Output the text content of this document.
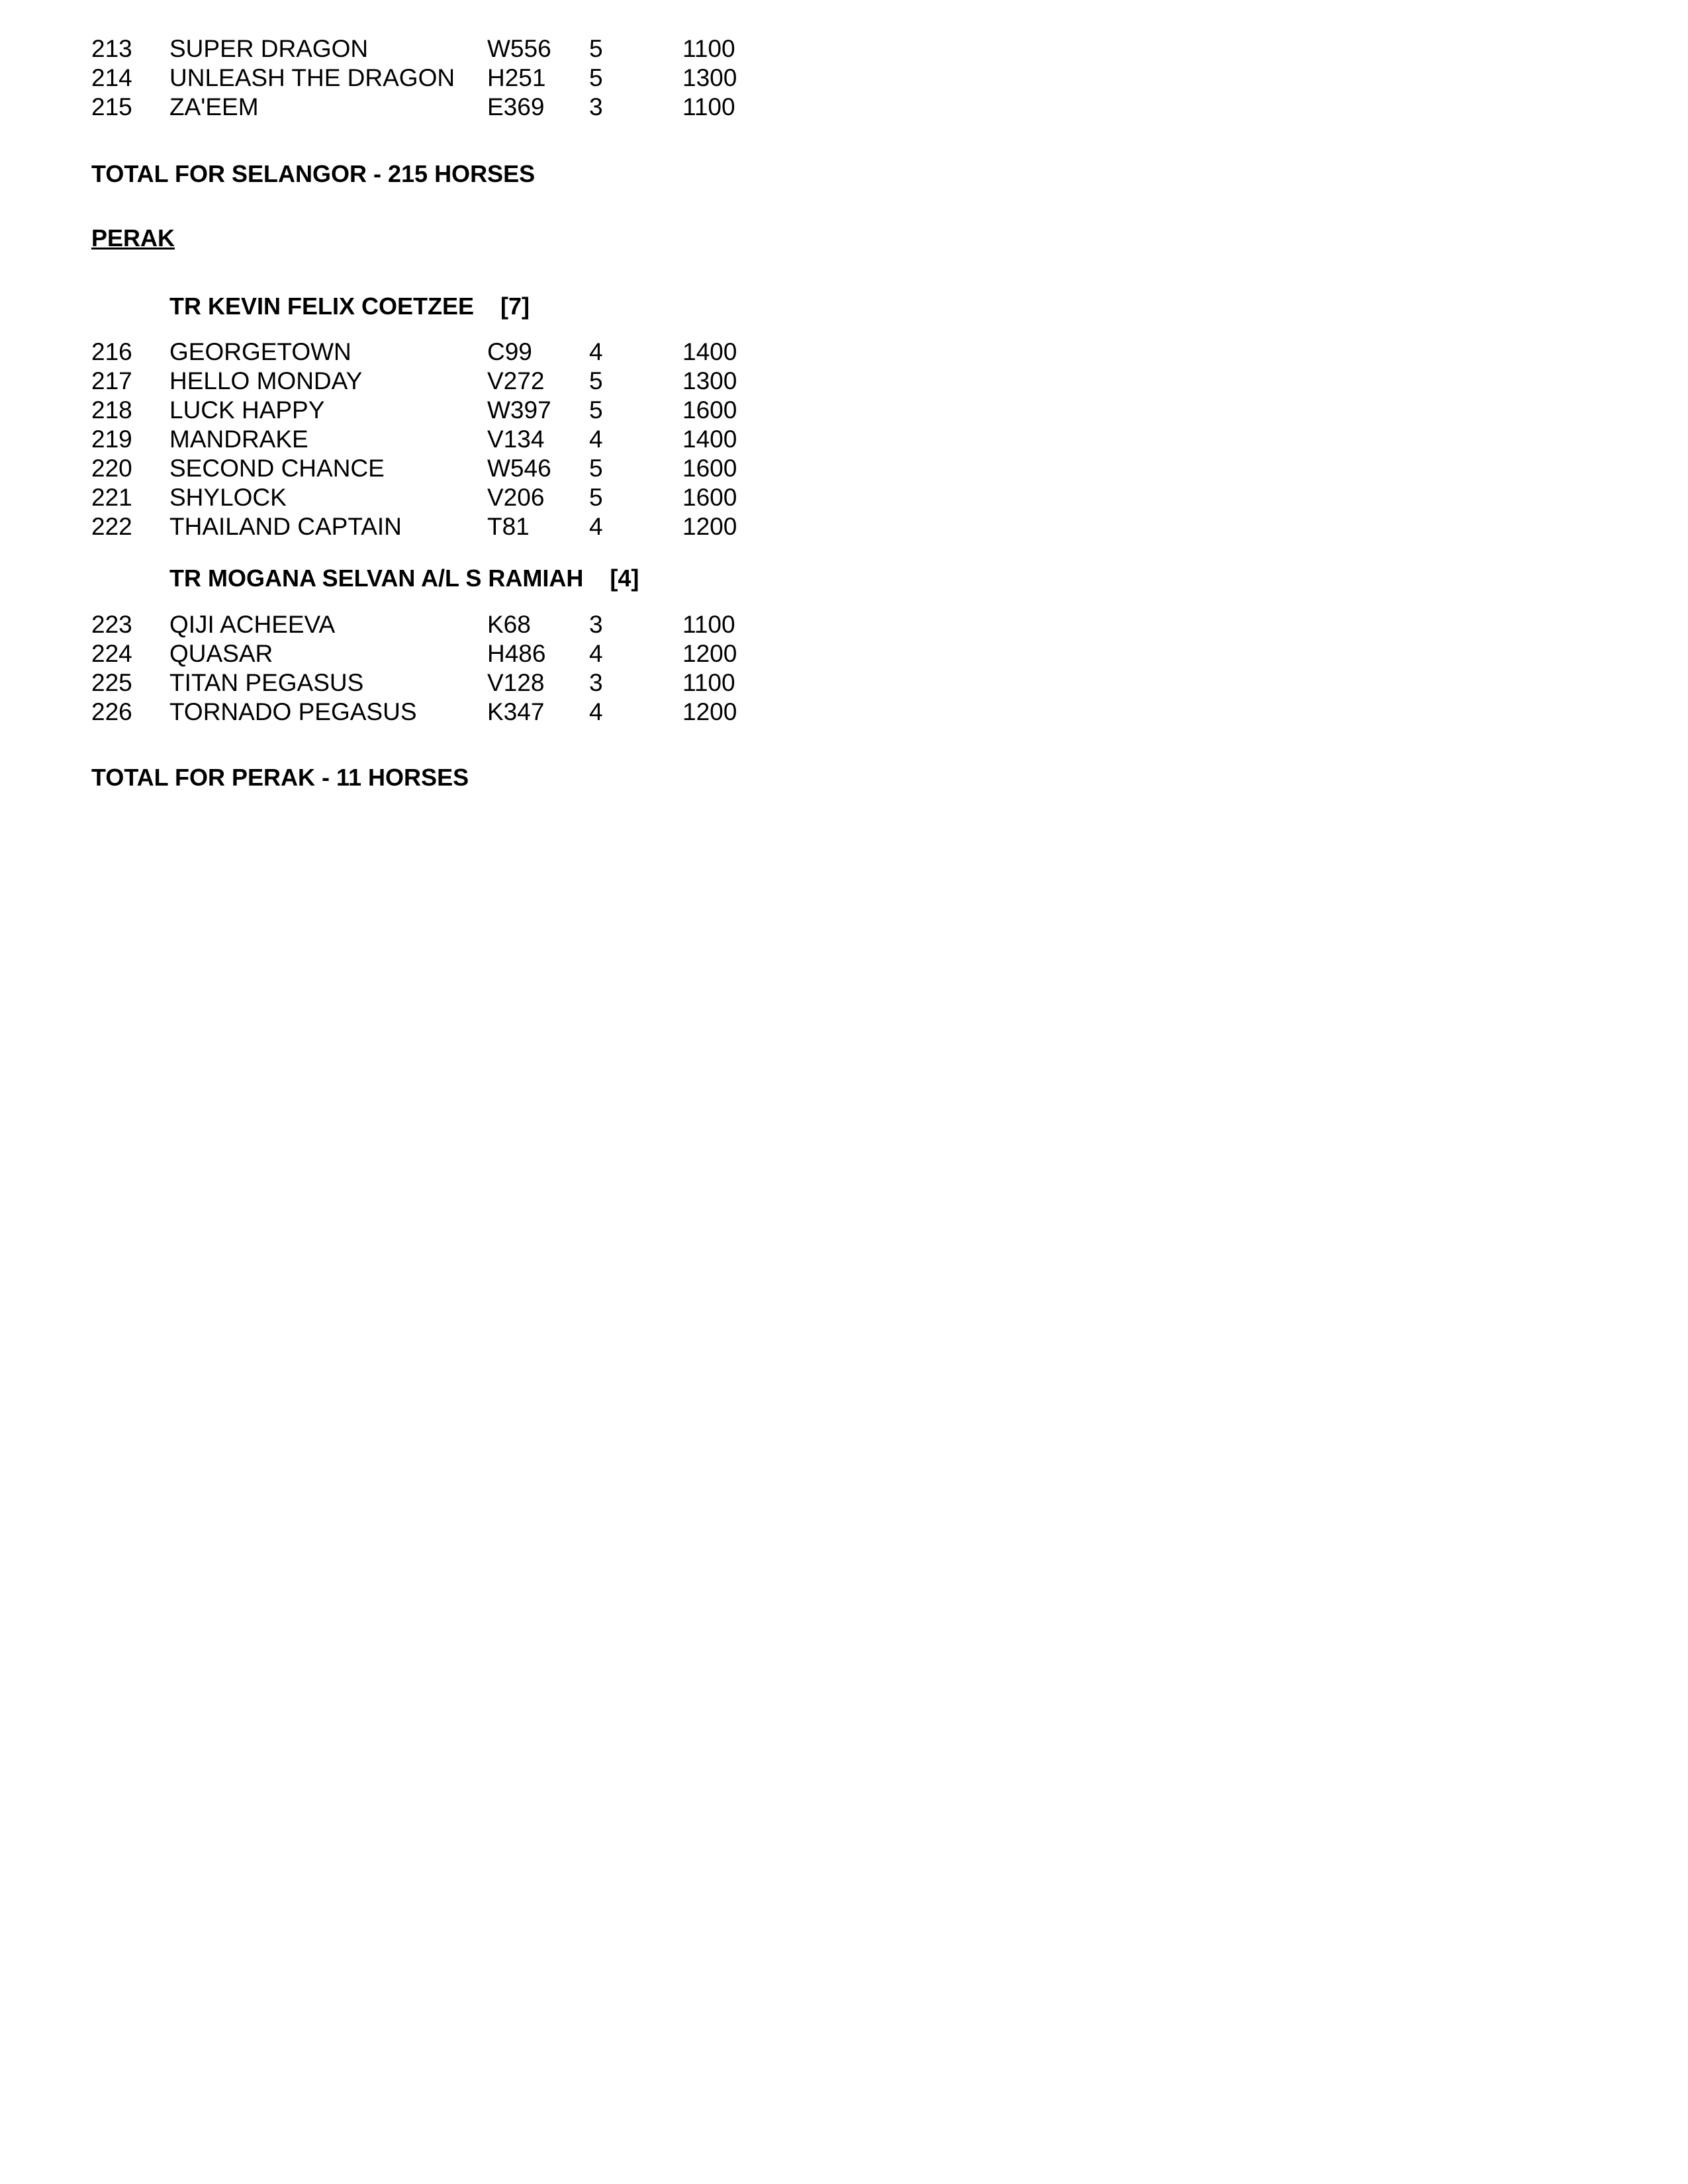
213 SUPER DRAGON	W556 5	1100
214 UNLEASH THE DRAGON H251 5	1300
215 ZA'EEM	E369 3	1100
TOTAL FOR SELANGOR - 215 HORSES
PERAK
TR KEVIN FELIX COETZEE [7]
216 GEORGETOWN	C99 4	1400
217 HELLO MONDAY	V272 5	1300
218 LUCK HAPPY	W397 5	1600
219 MANDRAKE	V134 4	1400
220 SECOND CHANCE	W546 5	1600
221 SHYLOCK	V206 5	1600
222 THAILAND CAPTAIN	T81 4	1200
TR MOGANA SELVAN A/L S RAMIAH [4]
223 QIJI ACHEEVA	K68 3	1100
224 QUASAR	H486 4	1200
225 TITAN PEGASUS	V128 3	1100
226 TORNADO PEGASUS	K347 4	1200
TOTAL FOR PERAK - 11 HORSES
